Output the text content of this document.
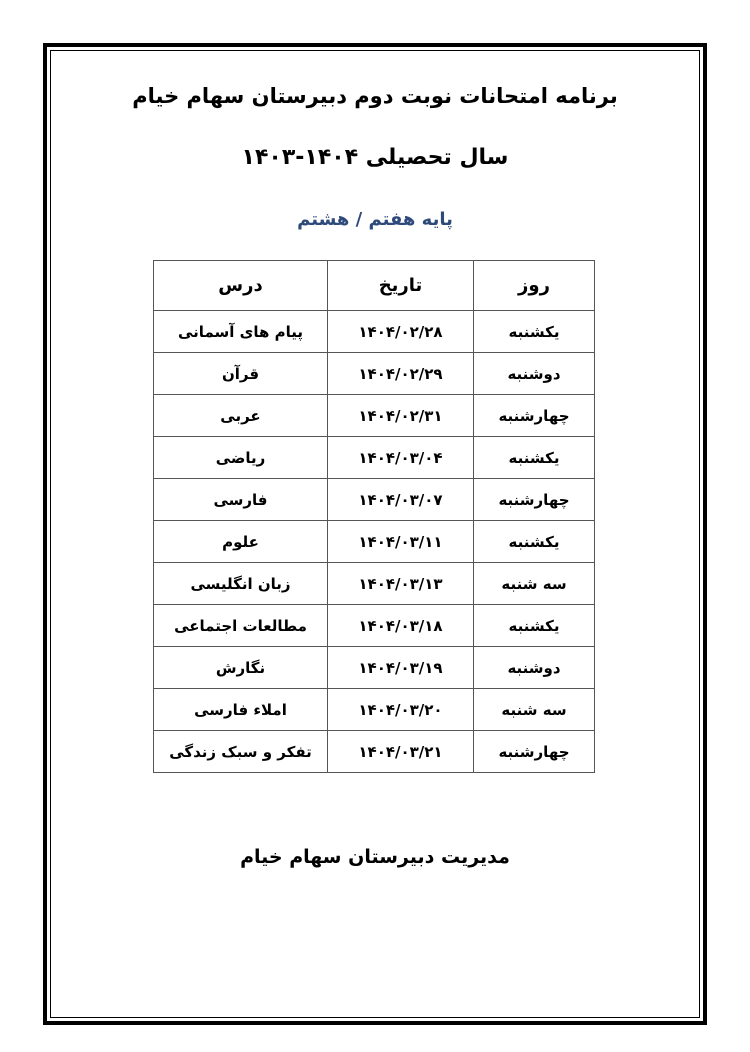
برنامه امتحانات نوبت دوم دبیرستان سهام خیام
سال تحصیلی ۱۴۰۴-۱۴۰۳
پایه هفتم / هشتم
روز	تاریخ	درس
یکشنبه	۱۴۰۴/۰۲/۲۸	پیام های آسمانی
دوشنبه	۱۴۰۴/۰۲/۲۹	قرآن
چهارشنبه	۱۴۰۴/۰۲/۳۱	عربی
یکشنبه	۱۴۰۴/۰۳/۰۴	ریاضی
چهارشنبه	۱۴۰۴/۰۳/۰۷	فارسی
یکشنبه	۱۴۰۴/۰۳/۱۱	علوم
سه شنبه	۱۴۰۴/۰۳/۱۳	زبان انگلیسی
یکشنبه	۱۴۰۴/۰۳/۱۸	مطالعات اجتماعی
دوشنبه	۱۴۰۴/۰۳/۱۹	نگارش
سه شنبه	۱۴۰۴/۰۳/۲۰	املاء فارسی
چهارشنبه	۱۴۰۴/۰۳/۲۱	تفکر و سبک زندگی
مدیریت دبیرستان سهام خیام
